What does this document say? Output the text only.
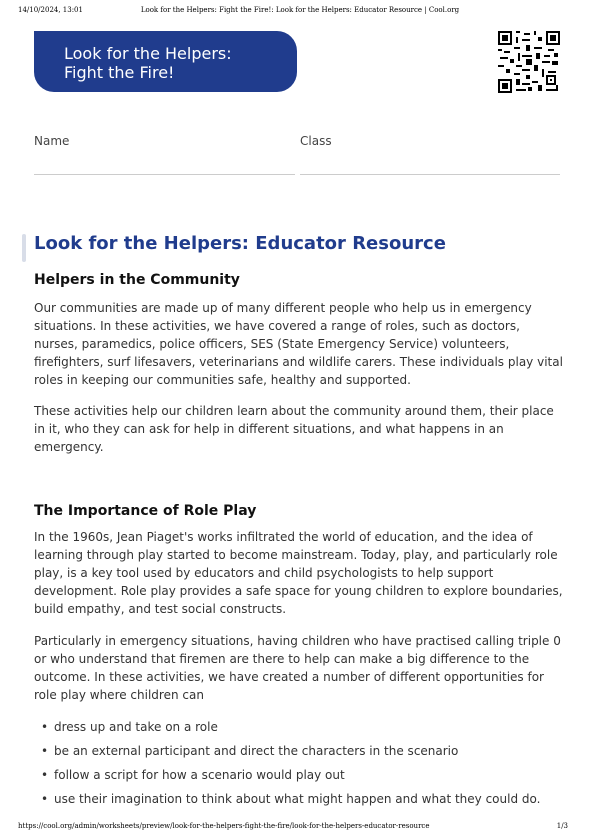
14/10/2024, 13:01	Look for the Helpers: Fight the Fire!: Look for the Helpers: Educator Resource | Cool.org
Look for the Helpers:
Fight the Fire!
Name	Class
Look for the Helpers: Educator Resource
Helpers in the Community

Our communities are made up of many different people who help us in emergency situations. In these activities, we have covered a range of roles, such as doctors, nurses, paramedics, police officers, SES (State Emergency Service) volunteers, firefighters, surf lifesavers, veterinarians and wildlife carers. These individuals play vital roles in keeping our communities safe, healthy and supported.

These activities help our children learn about the community around them, their place in it, who they can ask for help in different situations, and what happens in an emergency.

The Importance of Role Play

In the 1960s, Jean Piaget's works infiltrated the world of education, and the idea of learning through play started to become mainstream. Today, play, and particularly role play, is a key tool used by educators and child psychologists to help support development. Role play provides a safe space for young children to explore boundaries, build empathy, and test social constructs.

Particularly in emergency situations, having children who have practised calling triple 0 or who understand that firemen are there to help can make a big difference to the outcome. In these activities, we have created a number of different opportunities for role play where children can

• dress up and take on a role
• be an external participant and direct the characters in the scenario
• follow a script for how a scenario would play out
• use their imagination to think about what might happen and what they could do.
https://cool.org/admin/worksheets/preview/look-for-the-helpers-fight-the-fire/look-for-the-helpers-educator-resource	1/3
